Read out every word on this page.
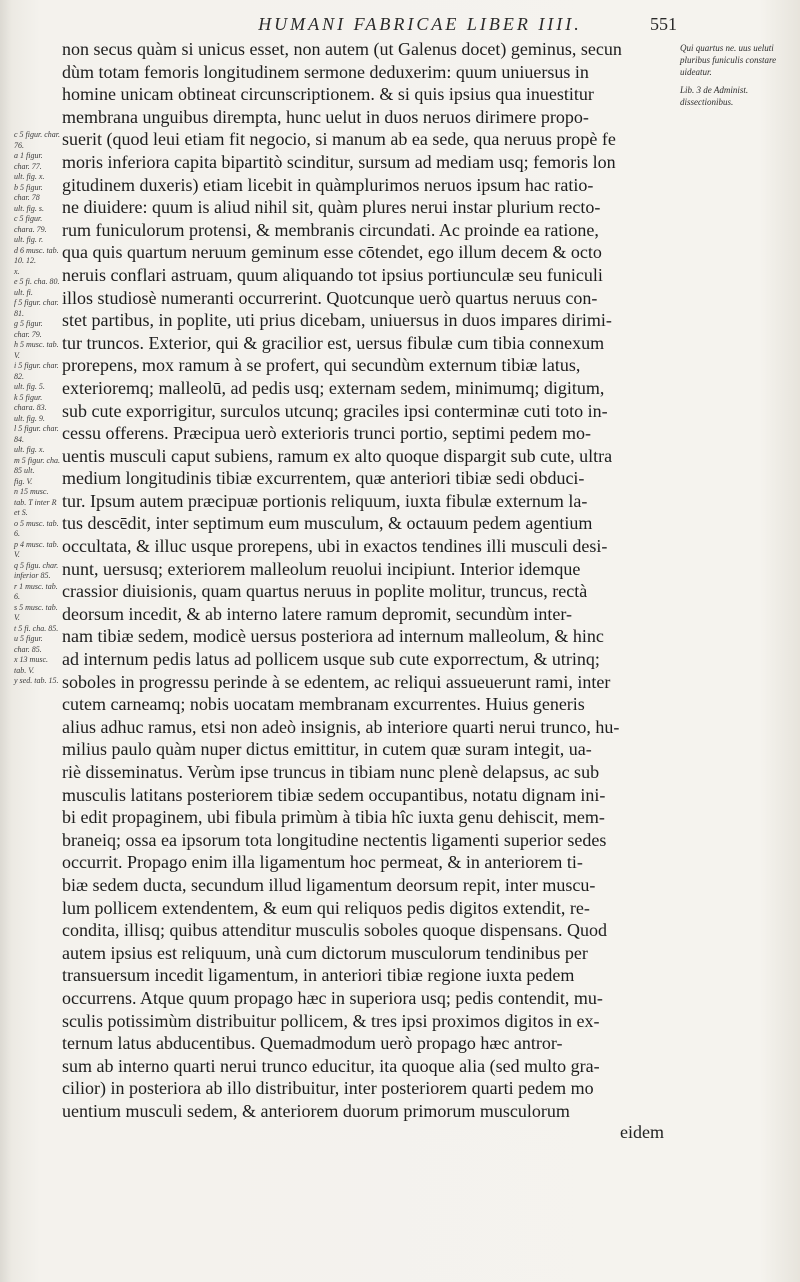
HUMANI FABRICAE LIBER IIII.	551
Qui quartus ne. uus ueluti pluribus funiculis constare uideatur.
Lib. 3 de Administ. dissectionibus.
c 5 figur. char. 76.
a 1 figur. char. 77.
ult. fig. x.
b 5 figur. char. 78
ult. fig. s.
c 5 figur. chara. 79.
ult. fig. r.
d 6 musc. tab. 10. 12.
x.
e 5 fi. cha. 80. ult. fi.
f 5 figur. char. 81.
g 5 figur. char. 79.
h 5 musc. tab. V.
i 5 figur. char. 82.
ult. fig. 5.
k 5 figur. chara. 83.
ult. fig. 9.
l 5 figur. char. 84.
ult. fig. x.
m 5 figur. cha. 85 ult.
fig. V.
n 15 musc. tab. T inter R et S.
o 5 musc. tab. 6.
p 4 musc. tab. V.
q 5 figu. char. inferior 85.
r 1 musc. tab. 6.
s 5 musc. tab. V.
t 5 fi. cha. 85.
u 5 figur. char. 85.
x 13 musc. tab. V.
y sed. tab. 15.
non secus quàm si unicus esset, non autem (ut Galenus docet) geminus, secun
dùm totam femoris longitudinem sermone deduxerim: quum uniuersus in
homine unicam obtineat circunscriptionem. & si quis ipsius qua inuestitur
membrana unguibus dirempta, hunc uelut in duos neruos dirimere propo-
suerit (quod leui etiam fit negocio, si manum ab ea sede, qua neruus propè fe
moris inferiora capita bipartitò scinditur, sursum ad mediam usq; femoris lon
gitudinem duxeris) etiam licebit in quàmplurimos neruos ipsum hac ratio-
ne diuidere: quum is aliud nihil sit, quàm plures nerui instar plurium recto-
rum funiculorum protensi, & membranis circundati. Ac proinde ea ratione,
qua quis quartum neruum geminum esse cōtendet, ego illum decem & octo
neruis conflari astruam, quum aliquando tot ipsius portiunculæ seu funiculi
illos studiosè numeranti occurrerint. Quotcunque uerò quartus neruus con-
stet partibus, in poplite, uti prius dicebam, uniuersus in duos impares dirimi-
tur truncos. Exterior, qui & gracilior est, uersus fibulæ cum tibia connexum
prorepens, mox ramum à se profert, qui secundùm externum tibiæ latus,
exterioremq; malleolū, ad pedis usq; externam sedem, minimumq; digitum,
sub cute exporrigitur, surculos utcunq; graciles ipsi conterminæ cuti toto in-
cessu offerens. Præcipua uerò exterioris trunci portio, septimi pedem mo-
uentis musculi caput subiens, ramum ex alto quoque dispargit sub cute, ultra
medium longitudinis tibiæ excurrentem, quæ anteriori tibiæ sedi obduci-
tur. Ipsum autem præcipuæ portionis reliquum, iuxta fibulæ externum la-
tus descēdit, inter septimum eum musculum, & octauum pedem agentium
occultata, & illuc usque prorepens, ubi in exactos tendines illi musculi desi-
nunt, uersusq; exteriorem malleolum reuolui incipiunt. Interior idemque
crassior diuisionis, quam quartus neruus in poplite molitur, truncus, rectà
deorsum incedit, & ab interno latere ramum depromit, secundùm inter-
nam tibiæ sedem, modicè uersus posteriora ad internum malleolum, & hinc
ad internum pedis latus ad pollicem usque sub cute exporrectum, & utrinq;
soboles in progressu perinde à se edentem, ac reliqui assueuerunt rami, inter
cutem carneamq; nobis uocatam membranam excurrentes. Huius generis
alius adhuc ramus, etsi non adeò insignis, ab interiore quarti nerui trunco, hu-
milius paulo quàm nuper dictus emittitur, in cutem quæ suram integit, ua-
riè disseminatus. Verùm ipse truncus in tibiam nunc plenè delapsus, ac sub
musculis latitans posteriorem tibiæ sedem occupantibus, notatu dignam ini-
bi edit propaginem, ubi fibula primùm à tibia hîc iuxta genu dehiscit, mem-
braneiq; ossa ea ipsorum tota longitudine nectentis ligamenti superior sedes
occurrit. Propago enim illa ligamentum hoc permeat, & in anteriorem ti-
biæ sedem ducta, secundum illud ligamentum deorsum repit, inter muscu-
lum pollicem extendentem, & eum qui reliquos pedis digitos extendit, re-
condita, illisq; quibus attenditur musculis soboles quoque dispensans. Quod
autem ipsius est reliquum, unà cum dictorum musculorum tendinibus per
transuersum incedit ligamentum, in anteriori tibiæ regione iuxta pedem
occurrens. Atque quum propago hæc in superiora usq; pedis contendit, mu-
sculis potissimùm distribuitur pollicem, & tres ipsi proximos digitos in ex-
ternum latus abducentibus. Quemadmodum uerò propago hæc antror-
sum ab interno quarti nerui trunco educitur, ita quoque alia (sed multo gra-
cilior) in posteriora ab illo distribuitur, inter posteriorem quarti pedem mo
uentium musculi sedem, & anteriorem duorum primorum musculorum
eidem
